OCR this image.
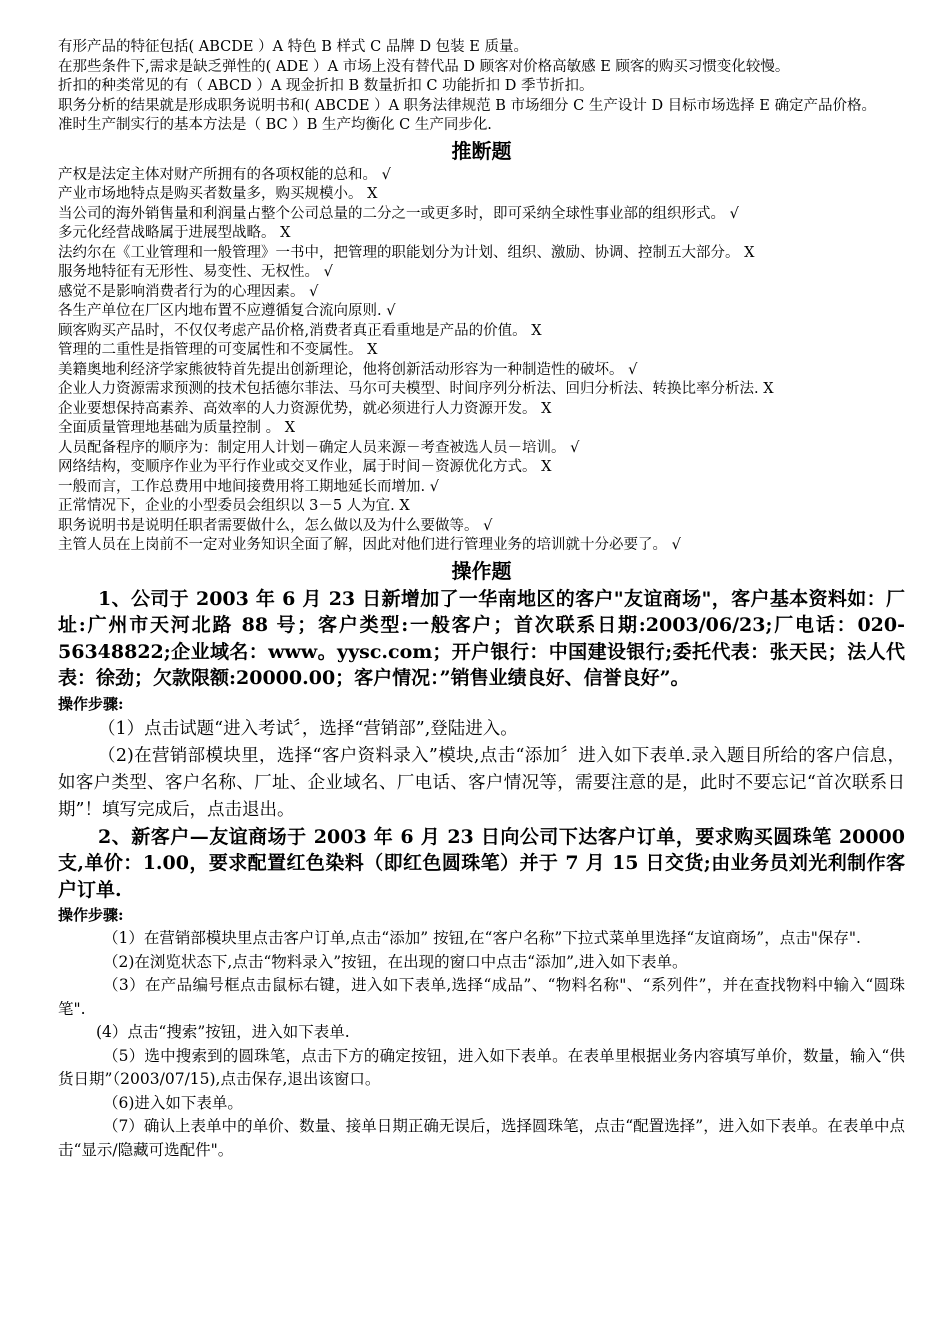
有形产品的特征包括( ABCDE ）A 特色 B 样式 C 品牌 D 包装 E 质量。

在那些条件下,需求是缺乏弹性的( ADE ）A 市场上没有替代品 D 顾客对价格高敏感 E 顾客的购买习惯变化较慢。

折扣的种类常见的有（ ABCD ）A 现金折扣 B 数量折扣 C 功能折扣 D 季节折扣。

职务分析的结果就是形成职务说明书和( ABCDE ）A 职务法律规范 B 市场细分 C 生产设计 D 目标市场选择 E 确定产品价格。

准时生产制实行的基本方法是（ BC ）B 生产均衡化 C 生产同步化.

推断题

产权是法定主体对财产所拥有的各项权能的总和。 √

产业市场地特点是购买者数量多，购买规模小。 X

当公司的海外销售量和利润量占整个公司总量的二分之一或更多时，即可采纳全球性事业部的组织形式。 √

多元化经营战略属于进展型战略。 X

法约尔在《工业管理和一般管理》一书中，把管理的职能划分为计划、组织、激励、协调、控制五大部分。 X

服务地特征有无形性、易变性、无权性。 √

感觉不是影响消费者行为的心理因素。 √

各生产单位在厂区内地布置不应遵循复合流向原则. √

顾客购买产品时，不仅仅考虑产品价格,消费者真正看重地是产品的价值。 X

管理的二重性是指管理的可变属性和不变属性。 X

美籍奥地利经济学家熊彼特首先提出创新理论，他将创新活动形容为一种制造性的破坏。 √

企业人力资源需求预测的技术包括德尔菲法、马尔可夫模型、时间序列分析法、回归分析法、转换比率分析法. X

企业要想保持高素养、高效率的人力资源优势，就必须进行人力资源开发。 X

全面质量管理地基础为质量控制 。 X

人员配备程序的顺序为：制定用人计划－确定人员来源－考查被选人员－培训。 √

网络结构，变顺序作业为平行作业或交叉作业，属于时间－资源优化方式。 X

一般而言，工作总费用中地间接费用将工期地延长而增加. √

正常情况下，企业的小型委员会组织以 3－5 人为宜. X

职务说明书是说明任职者需要做什么，怎么做以及为什么要做等。 √

主管人员在上岗前不一定对业务知识全面了解，因此对他们进行管理业务的培训就十分必要了。 √

操作题

1、公司于 2003 年 6 月 23 日新增加了一华南地区的客户"友谊商场"，客户基本资料如：厂址:广州市天河北路 88 号；客户类型:一般客户；首次联系日期:2003/06/23;厂电话：020-56348822;企业域名：www。yysc.com；开户银行：中国建设银行;委托代表：张天民；法人代表：徐劲；欠款限额:20000.00；客户情况：”销售业绩良好、信誉良好”。

操作步骤:

（1）点击试题“进入考试〞，选择“营销部”,登陆进入。

（2)在营销部模块里，选择“客户资料录入”模块,点击“添加〞进入如下表单.录入题目所给的客户信息，如客户类型、客户名称、厂址、企业域名、厂电话、客户情况等，需要注意的是，此时不要忘记“首次联系日期”！填写完成后，点击退出。

2、新客户—友谊商场于 2003 年 6 月 23 日向公司下达客户订单，要求购买圆珠笔 20000 支,单价：1.00，要求配置红色染料（即红色圆珠笔）并于 7 月 15 日交货;由业务员刘光利制作客户订单.

操作步骤:

（1）在营销部模块里点击客户订单,点击“添加” 按钮,在“客户名称”下拉式菜单里选择“友谊商场”，点击"保存".

（2)在浏览状态下,点击“物料录入”按钮，在出现的窗口中点击“添加”,进入如下表单。

（3）在产品编号框点击鼠标右键，进入如下表单,选择“成品”、“物料名称"、“系列件”，并在查找物料中输入“圆珠笔".

(4）点击“搜索”按钮，进入如下表单.

（5）选中搜索到的圆珠笔，点击下方的确定按钮，进入如下表单。在表单里根据业务内容填写单价，数量，输入“供货日期”（2003/07/15),点击保存,退出该窗口。

（6)进入如下表单。

（7）确认上表单中的单价、数量、接单日期正确无误后，选择圆珠笔，点击“配置选择”，进入如下表单。在表单中点击“显示/隐藏可选配件"。
